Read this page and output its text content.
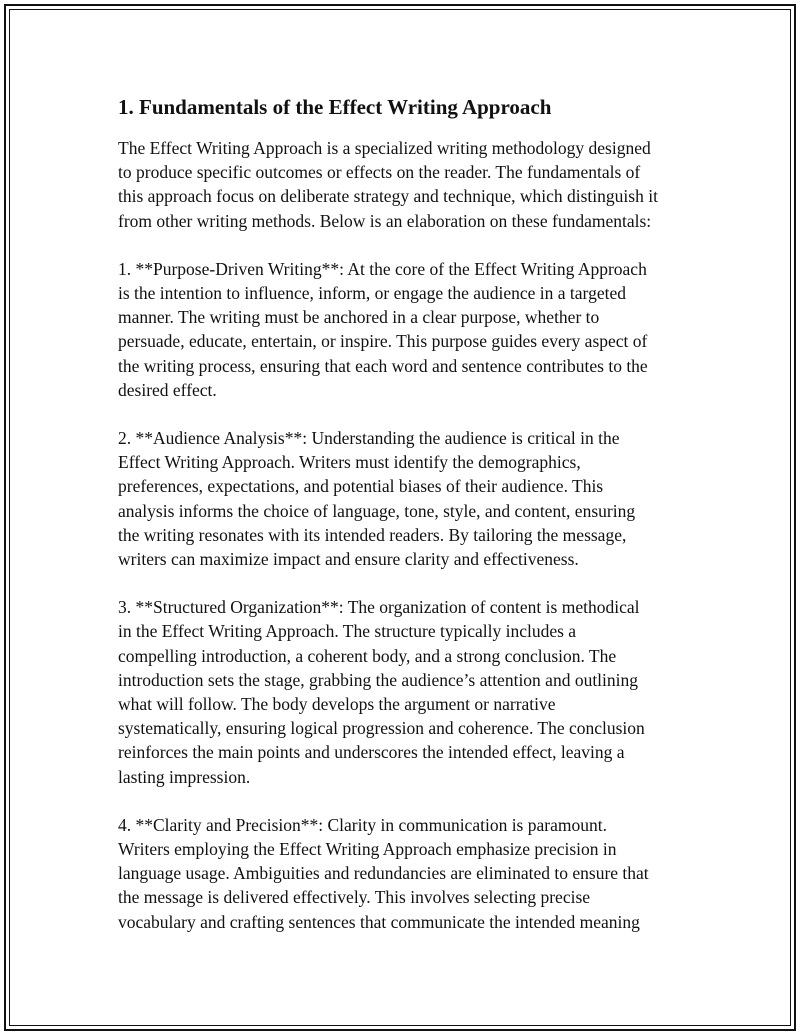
1. Fundamentals of the Effect Writing Approach

The Effect Writing Approach is a specialized writing methodology designed
to produce specific outcomes or effects on the reader. The fundamentals of
this approach focus on deliberate strategy and technique, which distinguish it
from other writing methods. Below is an elaboration on these fundamentals:

1. **Purpose-Driven Writing**: At the core of the Effect Writing Approach
is the intention to influence, inform, or engage the audience in a targeted
manner. The writing must be anchored in a clear purpose, whether to
persuade, educate, entertain, or inspire. This purpose guides every aspect of
the writing process, ensuring that each word and sentence contributes to the
desired effect.

2. **Audience Analysis**: Understanding the audience is critical in the
Effect Writing Approach. Writers must identify the demographics,
preferences, expectations, and potential biases of their audience. This
analysis informs the choice of language, tone, style, and content, ensuring
the writing resonates with its intended readers. By tailoring the message,
writers can maximize impact and ensure clarity and effectiveness.

3. **Structured Organization**: The organization of content is methodical
in the Effect Writing Approach. The structure typically includes a
compelling introduction, a coherent body, and a strong conclusion. The
introduction sets the stage, grabbing the audience’s attention and outlining
what will follow. The body develops the argument or narrative
systematically, ensuring logical progression and coherence. The conclusion
reinforces the main points and underscores the intended effect, leaving a
lasting impression.

4. **Clarity and Precision**: Clarity in communication is paramount.
Writers employing the Effect Writing Approach emphasize precision in
language usage. Ambiguities and redundancies are eliminated to ensure that
the message is delivered effectively. This involves selecting precise
vocabulary and crafting sentences that communicate the intended meaning
